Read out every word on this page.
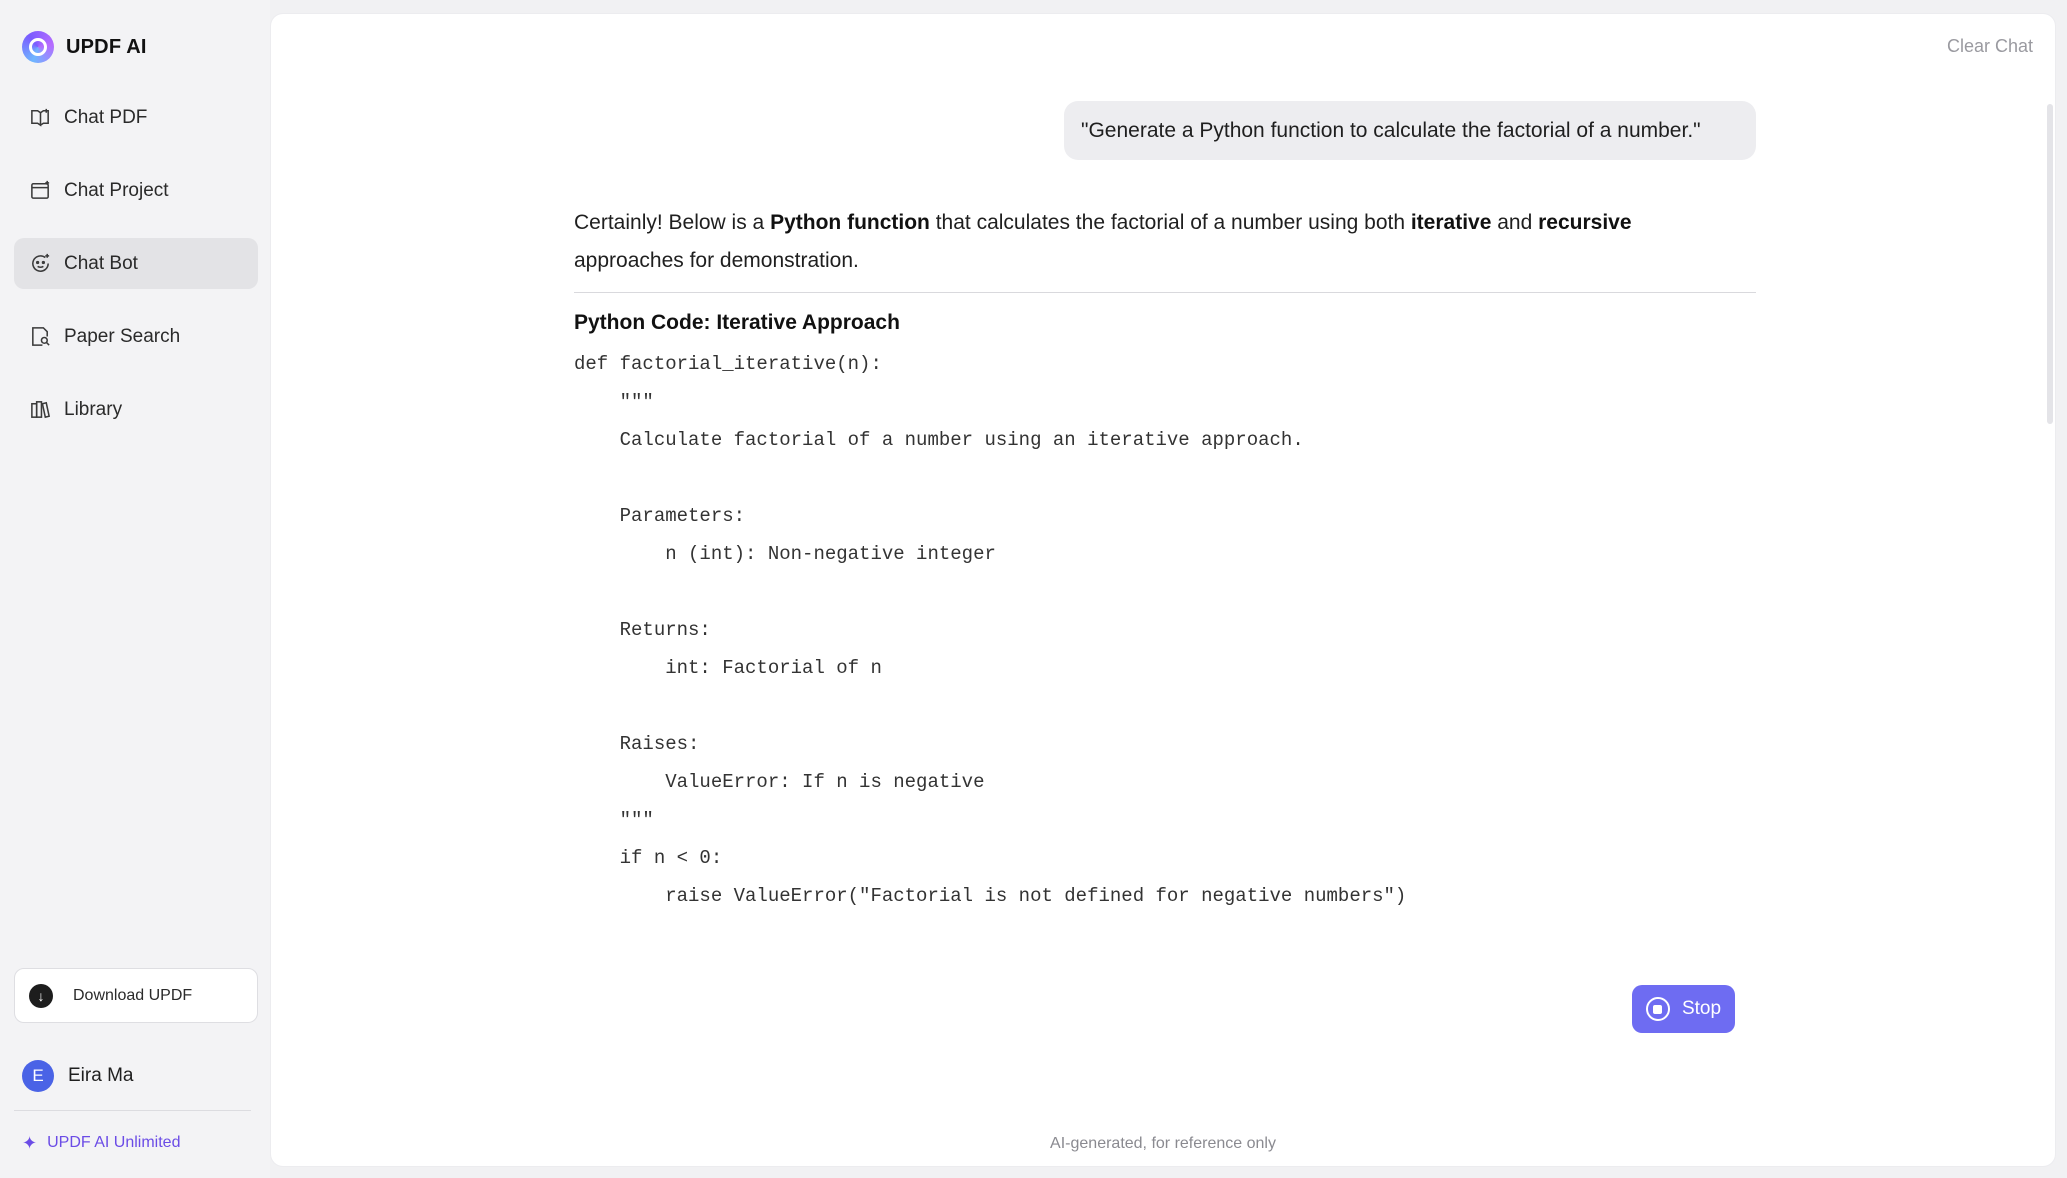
UPDF AI
Chat PDF
Chat Project
Chat Bot
Paper Search
Library
↓	Download UPDF
E	Eira Ma
✦ UPDF AI Unlimited
Clear Chat
"Generate a Python function to calculate the factorial of a number."

Certainly! Below is a Python function that calculates the factorial of a number using both iterative and recursive
approaches for demonstration.

Python Code: Iterative Approach
def factorial_iterative(n):
"""
Calculate factorial of a number using an iterative approach.
Parameters:
n (int): Non-negative integer
Returns:
int: Factorial of n
Raises:
ValueError: If n is negative
"""
if n < 0:
raise ValueError("Factorial is not defined for negative numbers")
Stop
AI-generated, for reference only
